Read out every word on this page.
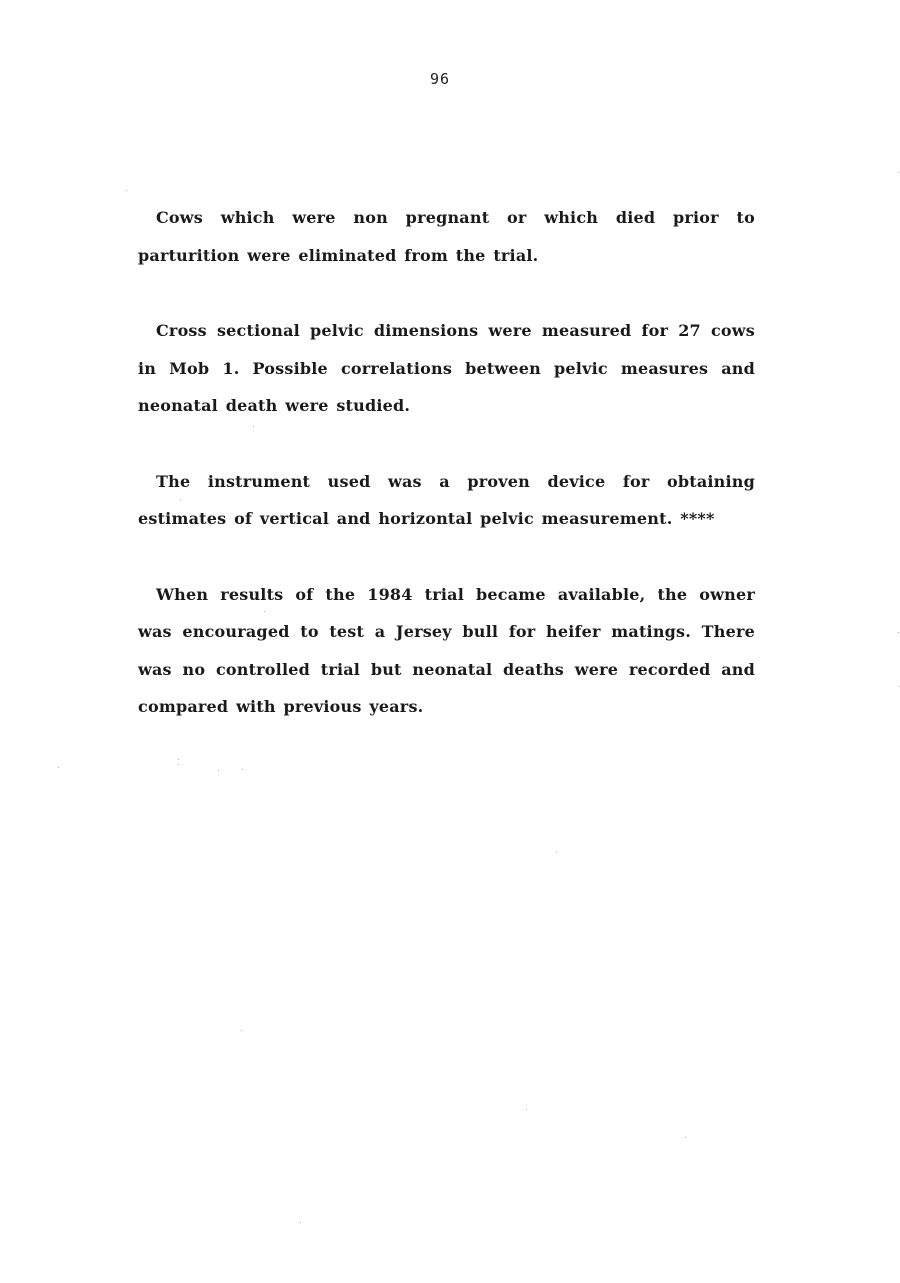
96

Cows which were non pregnant or which died prior to parturition were eliminated from the trial.

Cross sectional pelvic dimensions were measured for 27 cows in Mob 1. Possible correlations between pelvic measures and neonatal death were studied.

The instrument used was a proven device for obtaining estimates of vertical and horizontal pelvic measurement. ****

When results of the 1984 trial became available, the owner was encouraged to test a Jersey bull for heifer matings. There was no controlled trial but neonatal deaths were recorded and compared with previous years.
